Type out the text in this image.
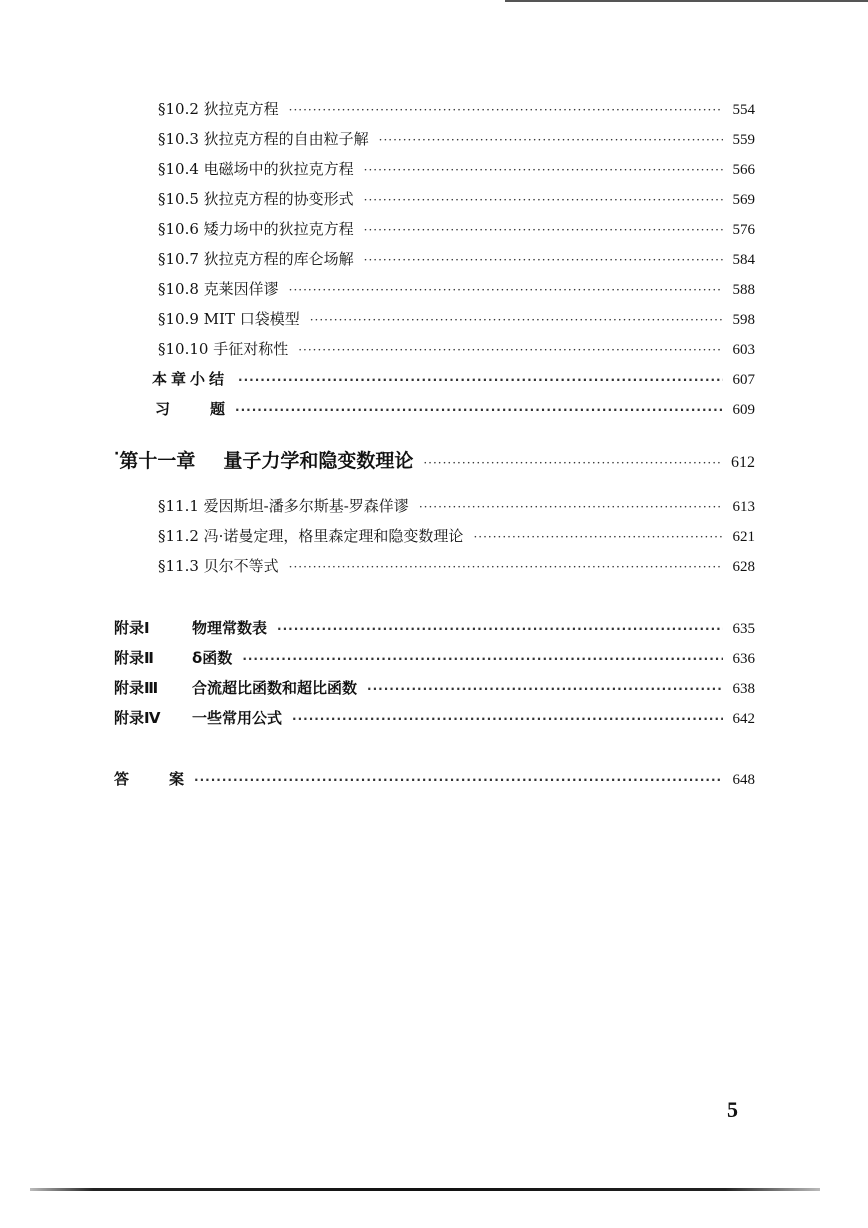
§10.2 狄拉克方程 ·····	554
§10.3 狄拉克方程的自由粒子解 ·····	559
§10.4 电磁场中的狄拉克方程 ·····	566
§10.5 狄拉克方程的协变形式 ·····	569
§10.6 矮力场中的狄拉克方程 ·····	576
§10.7 狄拉克方程的库仑场解 ·····	584
§10.8 克莱因佯谬 ·····	588
§10.9 MIT 口袋模型 ·····	598
§10.10 手征对称性 ·····	603
本章小结 ·····	607
习	题 ·····	609
·第十一章 量子力学和隐变数理论 ·····	612
§11.1 爱因斯坦-潘多尔斯基-罗森佯谬 ·····	613
§11.2 冯·诺曼定理，格里森定理和隐变数理论 ·····	621
§11.3 贝尔不等式 ·····	628
附录Ⅰ	物理常数表 ·····	635
附录Ⅱ	δ函数 ·····	636
附录Ⅲ 合流超比函数和超比函数 ·····	638
附录Ⅳ 一些常用公式 ·····	642
答	案 ·····	648
5
